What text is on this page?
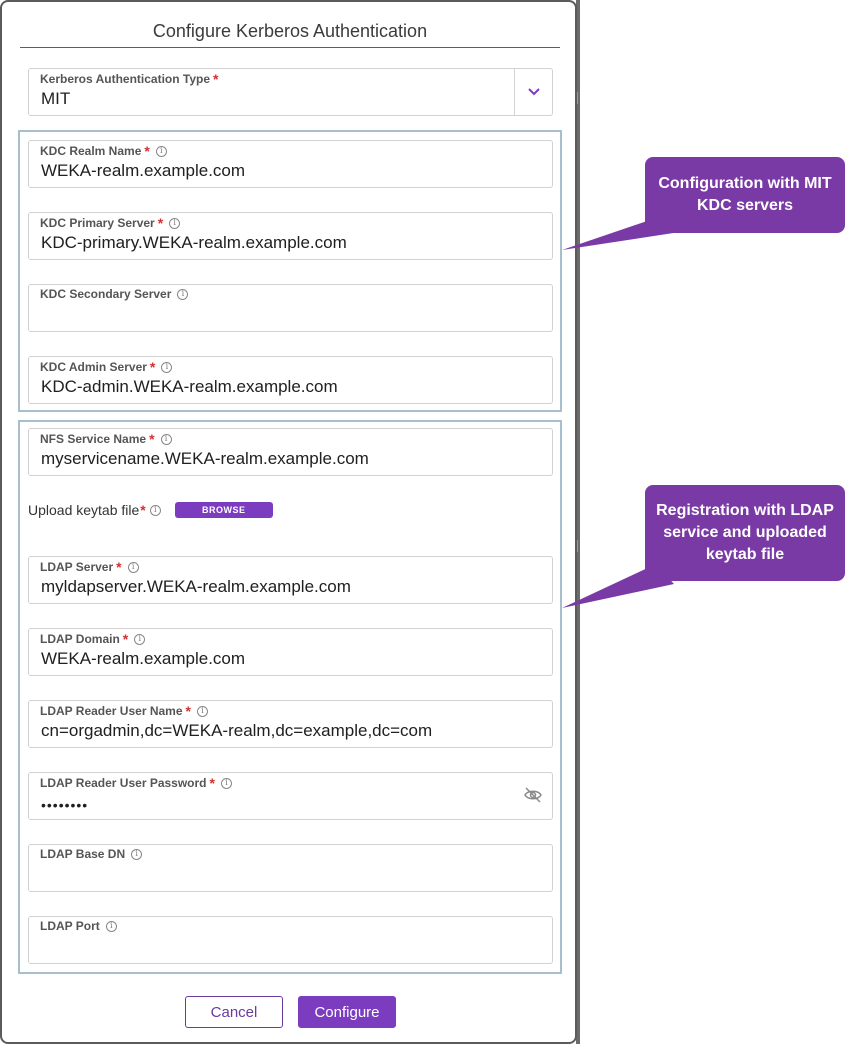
Configure Kerberos Authentication
Kerberos Authentication Type *
MIT
KDC Realm Name *	i
WEKA-realm.example.com
KDC Primary Server *	i
KDC-primary.WEKA-realm.example.com
KDC Secondary Server	i
KDC Admin Server *	i
KDC-admin.WEKA-realm.example.com
NFS Service Name *	i
myservicename.WEKA-realm.example.com
Upload keytab file *	i	BROWSE
LDAP Server *	i
myldapserver.WEKA-realm.example.com
LDAP Domain *	i
WEKA-realm.example.com
LDAP Reader User Name *	i
cn=orgadmin,dc=WEKA-realm,dc=example,dc=com
LDAP Reader User Password *	i
••••••••
LDAP Base DN	i
LDAP Port	i
Cancel	Configure
Configuration with MIT KDC servers
Registration with LDAP service and uploaded keytab file
